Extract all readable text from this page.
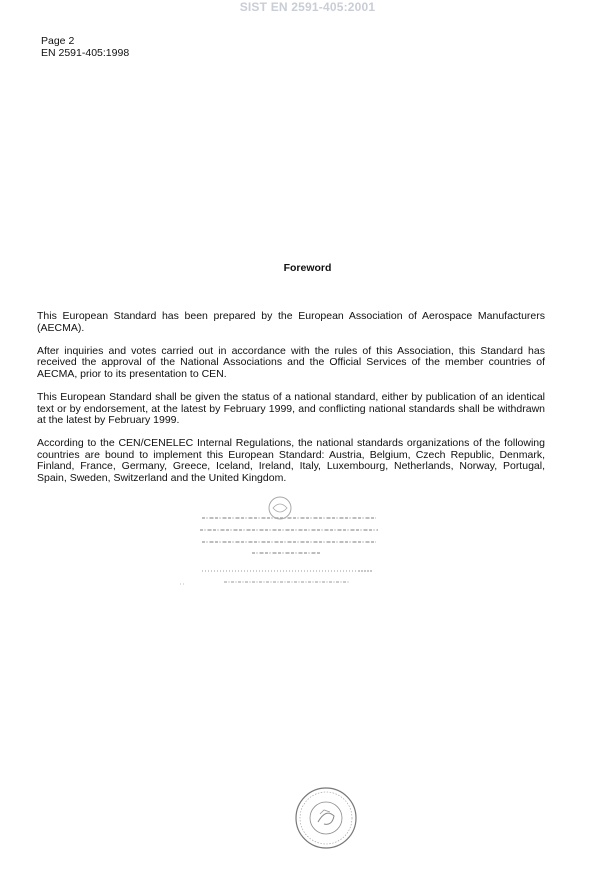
SIST EN 2591-405:2001
Page 2
EN 2591-405:1998
Foreword

This European Standard has been prepared by the European Association of Aerospace Manufacturers (AECMA).

After inquiries and votes carried out in accordance with the rules of this Association, this Standard has received the approval of the National Associations and the Official Services of the member countries of AECMA, prior to its presentation to CEN.

This European Standard shall be given the status of a national standard, either by publication of an identical text or by endorsement, at the latest by February 1999, and conflicting national standards shall be withdrawn at the latest by February 1999.

According to the CEN/CENELEC Internal Regulations, the national standards organizations of the following countries are bound to implement this European Standard: Austria, Belgium, Czech Republic, Denmark, Finland, France, Germany, Greece, Iceland, Ireland, Italy, Luxembourg, Netherlands, Norway, Portugal, Spain, Sweden, Switzerland and the United Kingdom.
